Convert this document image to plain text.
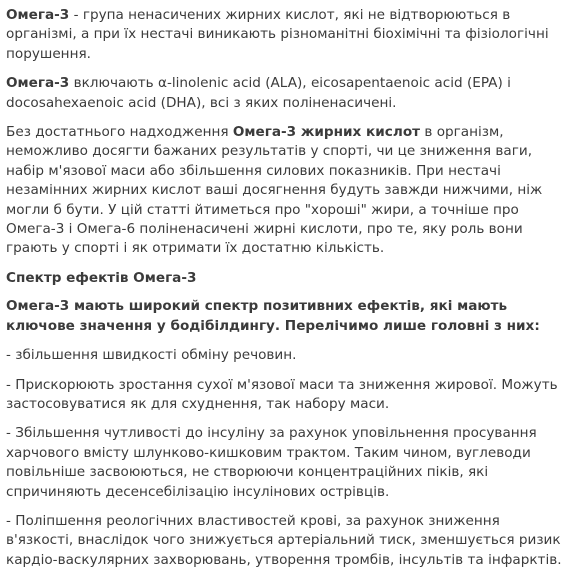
Омега-3 - група ненасичених жирних кислот, які не відтворюються в організмі, а при їх нестачі виникають різноманітні біохімічні та фізіологічні порушення.

Омега-3 включають α-linolenic acid (ALA), eicosapentaenoic acid (EPA) і docosahexaenoic acid (DHA), всі з яких поліненасичені.

Без достатнього надходження Омега-3 жирних кислот в організм, неможливо досягти бажаних результатів у спорті, чи це зниження ваги, набір м'язової маси або збільшення силових показників. При нестачі незамінних жирних кислот ваші досягнення будуть завжди нижчими, ніж могли б бути. У цій статті йтиметься про "хороші" жири, а точніше про Омега-3 і Омега-6 поліненасичені жирні кислоти, про те, яку роль вони грають у спорті і як отримати їх достатню кількість.

Спектр ефектів Омега-3

Омега-3 мають широкий спектр позитивних ефектів, які мають ключове значення у бодібілдингу. Перелічимо лише головні з них:

- збільшення швидкості обміну речовин.

- Прискорюють зростання сухої м'язової маси та зниження жирової. Можуть застосовуватися як для схуднення, так набору маси.

- Збільшення чутливості до інсуліну за рахунок уповільнення просування харчового вмісту шлунково-кишковим трактом. Таким чином, вуглеводи повільніше засвоюються, не створюючи концентраційних піків, які спричиняють десенсебілізацію інсулінових острівців.

- Поліпшення реологічних властивостей крові, за рахунок зниження в'язкості, внаслідок чого знижується артеріальний тиск, зменшується ризик кардіо-васкулярних захворювань, утворення тромбів, інсультів та інфарктів.
